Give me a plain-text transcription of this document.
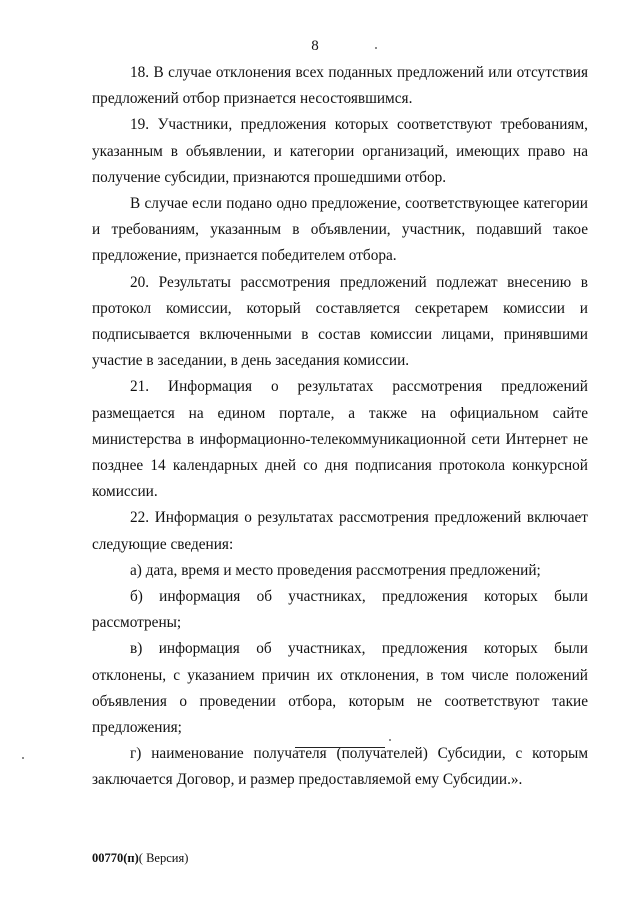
8

18. В случае отклонения всех поданных предложений или отсутствия предложений отбор признается несостоявшимся.

19. Участники, предложения которых соответствуют требованиям, указанным в объявлении, и категории организаций, имеющих право на получение субсидии, признаются прошедшими отбор.

В случае если подано одно предложение, соответствующее категории и требованиям, указанным в объявлении, участник, подавший такое предложение, признается победителем отбора.

20. Результаты рассмотрения предложений подлежат внесению в протокол комиссии, который составляется секретарем комиссии и подписывается включенными в состав комиссии лицами, принявшими участие в заседании, в день заседания комиссии.

21. Информация о результатах рассмотрения предложений размещается на едином портале, а также на официальном сайте министерства в информационно-телекоммуникационной сети Интернет не позднее 14 календарных дней со дня подписания протокола конкурсной комиссии.

22. Информация о результатах рассмотрения предложений включает следующие сведения:

а) дата, время и место проведения рассмотрения предложений;

б) информация об участниках, предложения которых были рассмотрены;

в) информация об участниках, предложения которых были отклонены, с указанием причин их отклонения, в том числе положений объявления о проведении отбора, которым не соответствуют такие предложения;

г) наименование получателя (получателей) Субсидии, с которым заключается Договор, и размер предоставляемой ему Субсидии.».

00770(п)( Версия)
